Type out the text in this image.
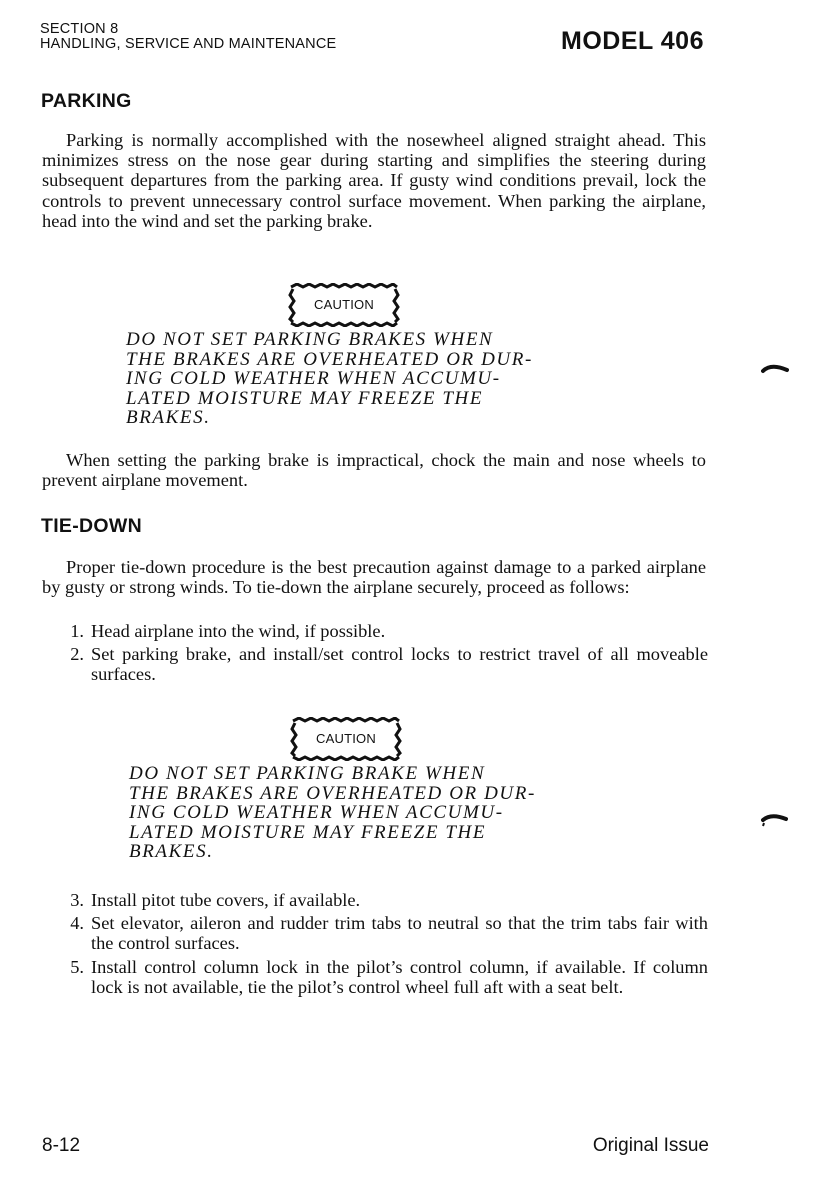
SECTION 8
HANDLING, SERVICE AND MAINTENANCE	MODEL 406
PARKING

Parking is normally accomplished with the nosewheel aligned straight ahead. This minimizes stress on the nose gear during starting and simplifies the steering during subsequent departures from the parking area. If gusty wind conditions prevail, lock the controls to prevent unnecessary control surface movement. When parking the airplane, head into the wind and set the parking brake.

CAUTION
DO NOT SET PARKING BRAKES WHEN
THE BRAKES ARE OVERHEATED OR DUR-
ING COLD WEATHER WHEN ACCUMU-
LATED MOISTURE MAY FREEZE THE
BRAKES.

When setting the parking brake is impractical, chock the main and nose wheels to prevent airplane movement.

TIE-DOWN

Proper tie-down procedure is the best precaution against damage to a parked airplane by gusty or strong winds. To tie-down the airplane securely, proceed as follows:

1. Head airplane into the wind, if possible.
2. Set parking brake, and install/set control locks to restrict travel of all moveable surfaces.
CAUTION
DO NOT SET PARKING BRAKE WHEN
THE BRAKES ARE OVERHEATED OR DUR-
ING COLD WEATHER WHEN ACCUMU-
LATED MOISTURE MAY FREEZE THE
BRAKES.
3. Install pitot tube covers, if available.
4. Set elevator, aileron and rudder trim tabs to neutral so that the trim tabs fair with the control surfaces.
5. Install control column lock in the pilot’s control column, if available. If column lock is not available, tie the pilot’s control wheel full aft with a seat belt.
8-12	Original Issue
